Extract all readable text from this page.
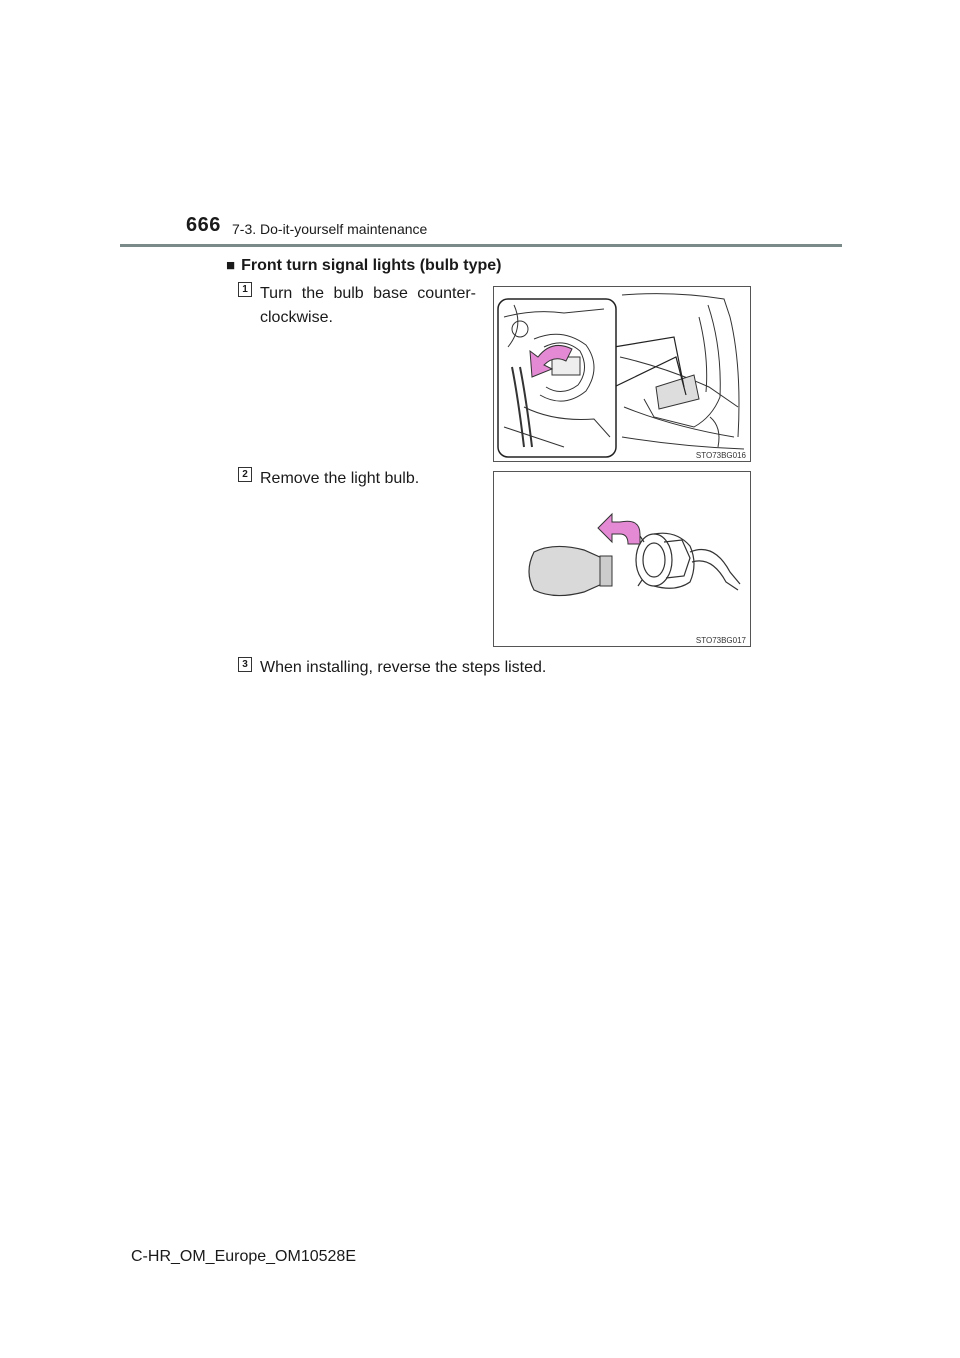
666 7-3. Do-it-yourself maintenance
■ Front turn signal lights (bulb type)
1 Turn the bulb base counter-clockwise.
STO73BG016
2 Remove the light bulb.
STO73BG017
3 When installing, reverse the steps listed.
C-HR_OM_Europe_OM10528E
